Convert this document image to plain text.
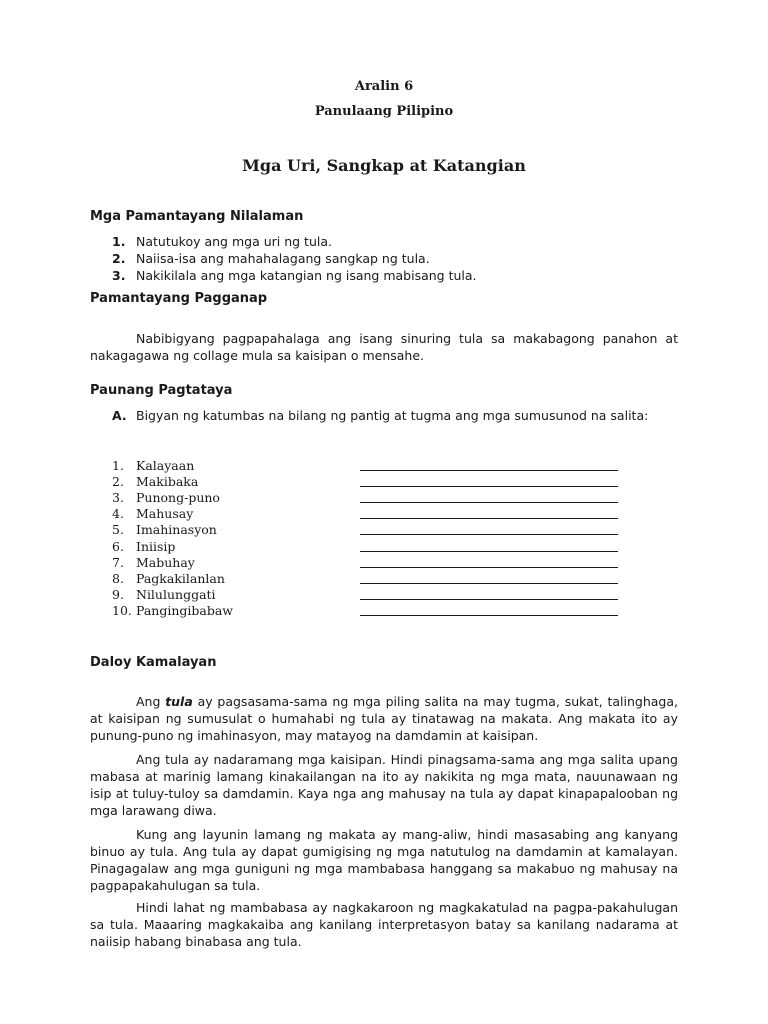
Aralin 6
Panulaang Pilipino
Mga Uri, Sangkap at Katangian
Mga Pamantayang Nilalaman
1. Natutukoy ang mga uri ng tula.
2. Naiisa-isa ang mahahalagang sangkap ng tula.
3. Nakikilala ang mga katangian ng isang mabisang tula.
Pamantayang Pagganap

Nabibigyang pagpapahalaga ang isang sinuring tula sa makabagong panahon at nakagagawa ng collage mula sa kaisipan o mensahe.

Paunang Pagtataya
A. Bigyan ng katumbas na bilang ng pantig at tugma ang mga sumusunod na salita:
1. Kalayaan
2. Makibaka
3. Punong-puno
4. Mahusay
5. Imahinasyon
6. Iniisip
7. Mabuhay
8. Pagkakilanlan
9. Nilulunggati
10. Pangingibabaw
Daloy Kamalayan

Ang tula ay pagsasama-sama ng mga piling salita na may tugma, sukat, talinghaga, at kaisipan ng sumusulat o humahabi ng tula ay tinatawag na makata. Ang makata ito ay punung-puno ng imahinasyon, may matayog na damdamin at kaisipan.

Ang tula ay nadaramang mga kaisipan. Hindi pinagsama-sama ang mga salita upang mabasa at marinig lamang kinakailangan na ito ay nakikita ng mga mata, nauunawaan ng isip at tuluy-tuloy sa damdamin. Kaya nga ang mahusay na tula ay dapat kinapapalooban ng mga larawang diwa.

Kung ang layunin lamang ng makata ay mang-aliw, hindi masasabing ang kanyang binuo ay tula. Ang tula ay dapat gumigising ng mga natutulog na damdamin at kamalayan. Pinagagalaw ang mga guniguni ng mga mambabasa hanggang sa makabuo ng mahusay na pagpapakahulugan sa tula.

Hindi lahat ng mambabasa ay nagkakaroon ng magkakatulad na pagpa-pakahulugan sa tula. Maaaring magkakaiba ang kanilang interpretasyon batay sa kanilang nadarama at naiisip habang binabasa ang tula.
